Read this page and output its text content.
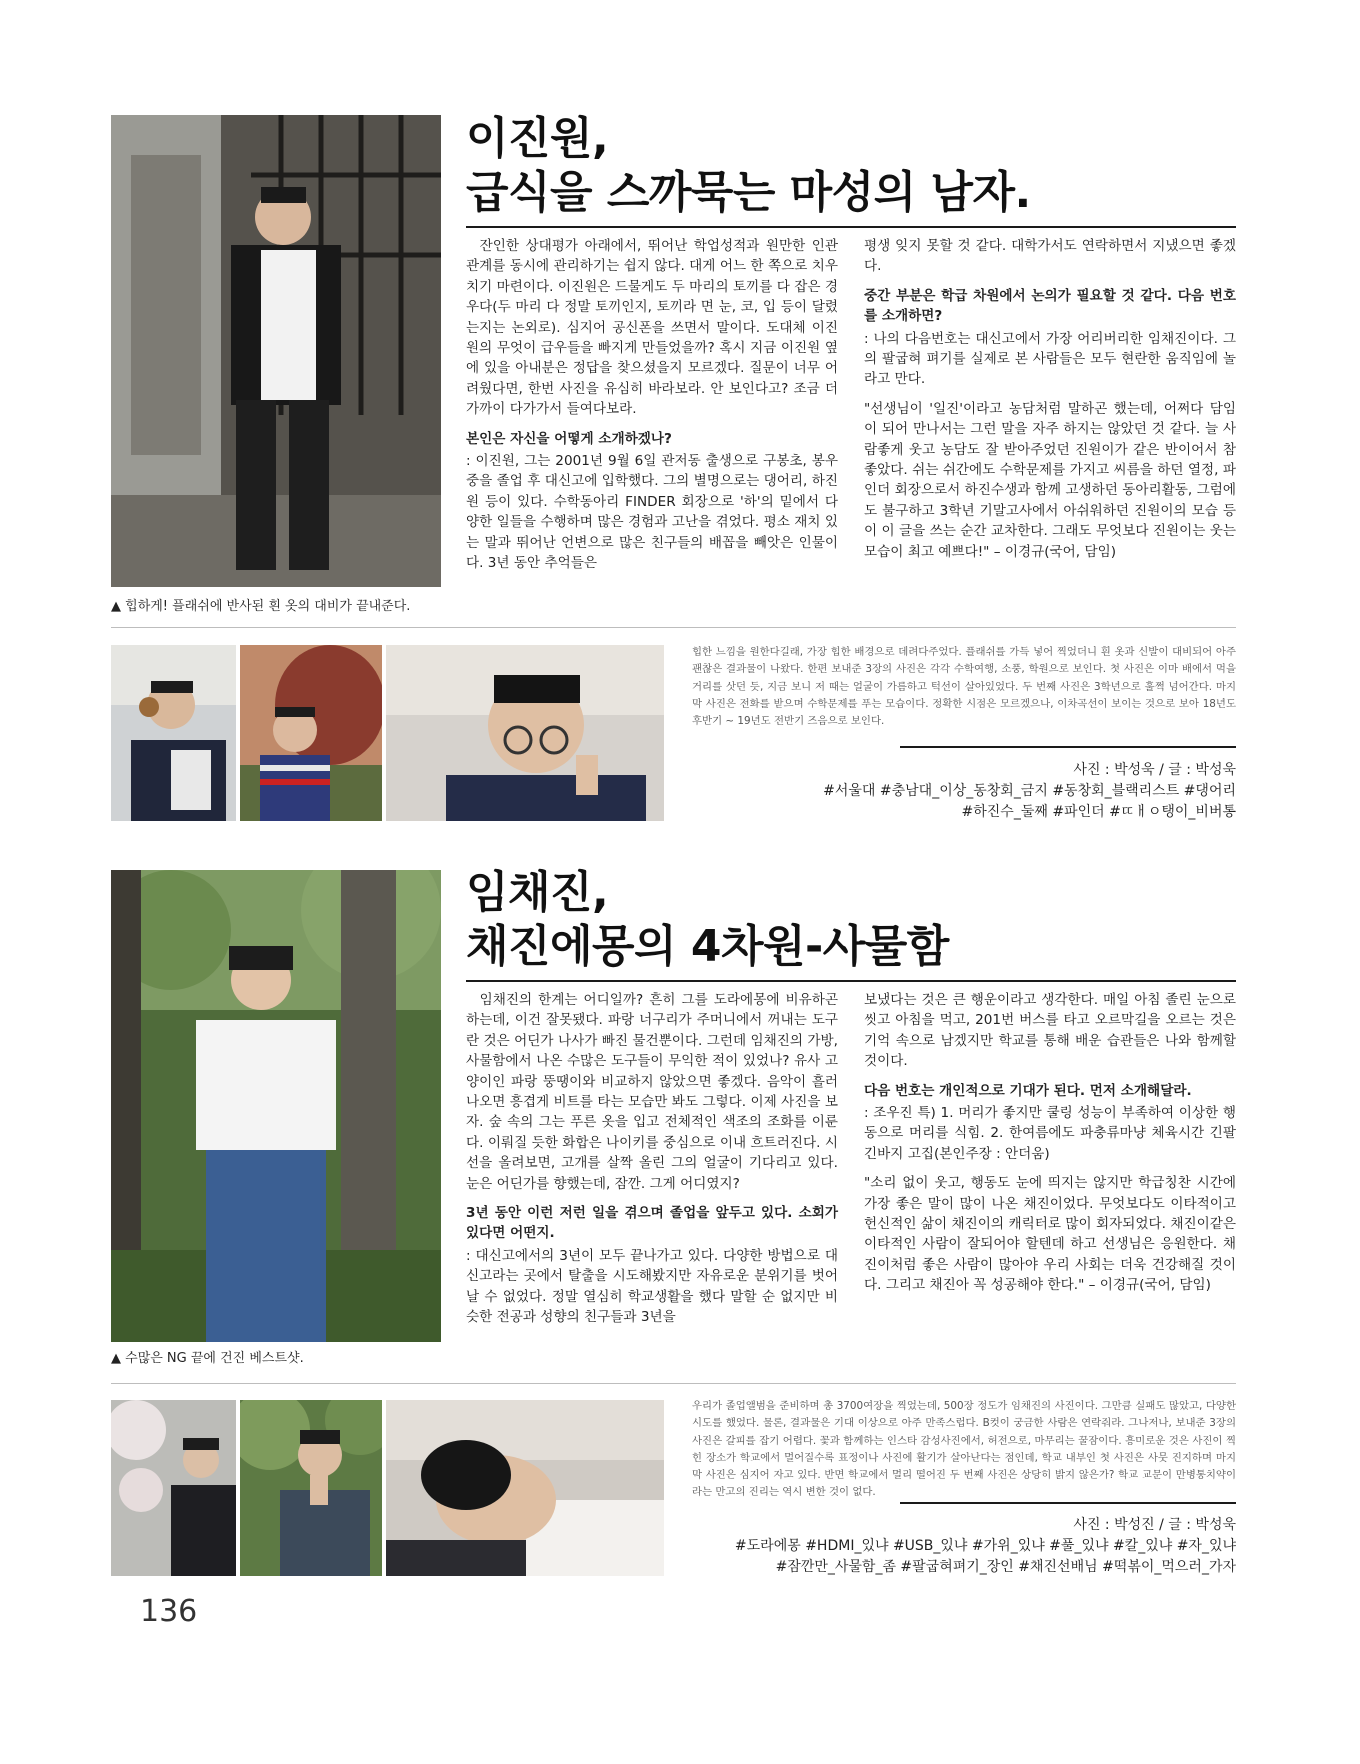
▲ 힙하게! 플래쉬에 반사된 흰 옷의 대비가 끝내준다.
이진원,
급식을 스까묵는 마성의 남자.

잔인한 상대평가 아래에서, 뛰어난 학업성적과 원만한 인관관계를 동시에 관리하기는 쉽지 않다. 대게 어느 한 쪽으로 치우치기 마련이다. 이진원은 드물게도 두 마리의 토끼를 다 잡은 경우다(두 마리 다 정말 토끼인지, 토끼라 면 눈, 코, 입 등이 달렸는지는 논외로). 심지어 공신폰을 쓰면서 말이다. 도대체 이진원의 무엇이 급우들을 빠지게 만들었을까? 혹시 지금 이진원 옆에 있을 아내분은 정답을 찾으셨을지 모르겠다. 질문이 너무 어려웠다면, 한번 사진을 유심히 바라보라. 안 보인다고? 조금 더 가까이 다가가서 들여다보라.

본인은 자신을 어떻게 소개하겠나?

: 이진원, 그는 2001년 9월 6일 관저동 출생으로 구봉초, 봉우중을 졸업 후 대신고에 입학했다. 그의 별명으로는 댕어리, 하진원 등이 있다. 수학동아리 FINDER 회장으로 '하'의 밑에서 다양한 일들을 수행하며 많은 경험과 고난을 겪었다. 평소 재치 있는 말과 뛰어난 언변으로 많은 친구들의 배꼽을 빼앗은 인물이다. 3년 동안 추억들은

평생 잊지 못할 것 같다. 대학가서도 연락하면서 지냈으면 좋겠다.

중간 부분은 학급 차원에서 논의가 필요할 것 같다. 다음 번호를 소개하면?

: 나의 다음번호는 대신고에서 가장 어리버리한 임채진이다. 그의 팔굽혀 펴기를 실제로 본 사람들은 모두 현란한 움직임에 놀라고 만다.

"선생님이 '일진'이라고 농담처럼 말하곤 했는데, 어쩌다 담임이 되어 만나서는 그런 말을 자주 하지는 않았던 것 같다. 늘 사람좋게 웃고 농담도 잘 받아주었던 진원이가 같은 반이어서 참 좋았다. 쉬는 쉬간에도 수학문제를 가지고 씨름을 하던 열정, 파인더 회장으로서 하진수생과 함께 고생하던 동아리활동, 그럼에도 불구하고 3학년 기말고사에서 아쉬워하던 진원이의 모습 등이 이 글을 쓰는 순간 교차한다. 그래도 무엇보다 진원이는 웃는 모습이 최고 예쁘다!" – 이경규(국어, 담임)

힙한 느낌을 원한다길래, 가장 힙한 배경으로 데려다주었다. 플래쉬를 가득 넣어 찍었더니 흰 옷과 신발이 대비되어 아주 괜찮은 결과물이 나왔다. 한편 보내준 3장의 사진은 각각 수학여행, 소풍, 학원으로 보인다. 첫 사진은 이마 배에서 먹을거리를 삿던 듯, 지금 보니 저 때는 얼굴이 가름하고 턱선이 살아있었다. 두 번째 사진은 3학년으로 훌쩍 넘어간다. 마지막 사진은 전화를 받으며 수학문제를 푸는 모습이다. 정확한 시점은 모르겠으나, 이차곡선이 보이는 것으로 보아 18년도 후반기 ~ 19년도 전반기 즈음으로 보인다.
사진 : 박성욱 / 글 : 박성욱
#서울대 #충남대_이상_동창회_금지 #동창회_블랙리스트 #댕어리
#하진수_둘째 #파인더 #ㄸㅐㅇ탱이_비버통
▲ 수많은 NG 끝에 건진 베스트샷.
임채진,
채진에몽의 4차원-사물함

임채진의 한계는 어디일까? 흔히 그를 도라에몽에 비유하곤 하는데, 이건 잘못됐다. 파랑 너구리가 주머니에서 꺼내는 도구란 것은 어딘가 나사가 빠진 물건뿐이다. 그런데 임채진의 가방, 사물함에서 나온 수많은 도구들이 무익한 적이 있었나? 유사 고양이인 파랑 뚱땡이와 비교하지 않았으면 좋겠다. 음악이 흘러나오면 흥겹게 비트를 타는 모습만 봐도 그렇다. 이제 사진을 보자. 숲 속의 그는 푸른 옷을 입고 전체적인 색조의 조화를 이룬다. 이뤄질 듯한 화합은 나이키를 중심으로 이내 흐트러진다. 시선을 올려보면, 고개를 살짝 올린 그의 얼굴이 기다리고 있다. 눈은 어딘가를 향했는데, 잠깐. 그게 어디였지?

3년 동안 이런 저런 일을 겪으며 졸업을 앞두고 있다. 소회가 있다면 어떤지.

: 대신고에서의 3년이 모두 끝나가고 있다. 다양한 방법으로 대신고라는 곳에서 탈출을 시도해봤지만 자유로운 분위기를 벗어날 수 없었다. 정말 열심히 학교생활을 했다 말할 순 없지만 비슷한 전공과 성향의 친구들과 3년을

보냈다는 것은 큰 행운이라고 생각한다. 매일 아침 졸린 눈으로 씻고 아침을 먹고, 201번 버스를 타고 오르막길을 오르는 것은 기억 속으로 남겠지만 학교를 통해 배운 습관들은 나와 함께할 것이다.

다음 번호는 개인적으로 기대가 된다. 먼저 소개해달라.

: 조우진 특) 1. 머리가 좋지만 쿨링 성능이 부족하여 이상한 행동으로 머리를 식힘. 2. 한여름에도 파충류마냥 체육시간 긴팔 긴바지 고집(본인주장 : 안더움)

"소리 없이 웃고, 행동도 눈에 띄지는 않지만 학급칭찬 시간에 가장 좋은 말이 많이 나온 채진이었다. 무엇보다도 이타적이고 헌신적인 삶이 채진이의 캐릭터로 많이 회자되었다. 채진이같은 이타적인 사람이 잘되어야 할텐데 하고 선생님은 응원한다. 채진이처럼 좋은 사람이 많아야 우리 사회는 더욱 건강해질 것이다. 그리고 채진아 꼭 성공해야 한다." – 이경규(국어, 담임)

우리가 졸업앨범을 준비하며 총 3700여장을 찍었는데, 500장 정도가 임채진의 사진이다. 그만큼 실패도 많았고, 다양한 시도를 했었다. 물론, 결과물은 기대 이상으로 아주 만족스럽다. B컷이 궁금한 사람은 연락줘라. 그나저나, 보내준 3장의 사진은 갈피를 잡기 어렵다. 꽃과 함께하는 인스타 감성사진에서, 허전으로, 마무리는 꿀잠이다. 흥미로운 것은 사진이 찍힌 장소가 학교에서 멀어질수록 표정이나 사진에 활기가 살아난다는 점인데, 학교 내부인 첫 사진은 사뭇 진지하며 마지막 사진은 심지어 자고 있다. 반면 학교에서 멀리 떨어진 두 번째 사진은 상당히 밝지 않은가? 학교 교문이 만병통치약이라는 만고의 진리는 역시 변한 것이 없다.
사진 : 박성진 / 글 : 박성욱
#도라에몽 #HDMI_있냐 #USB_있냐 #가위_있냐 #풀_있냐 #칼_있냐 #자_있냐
#잠깐만_사물함_좀 #팔굽혀펴기_장인 #채진선배님 #떡볶이_먹으러_가자
136
